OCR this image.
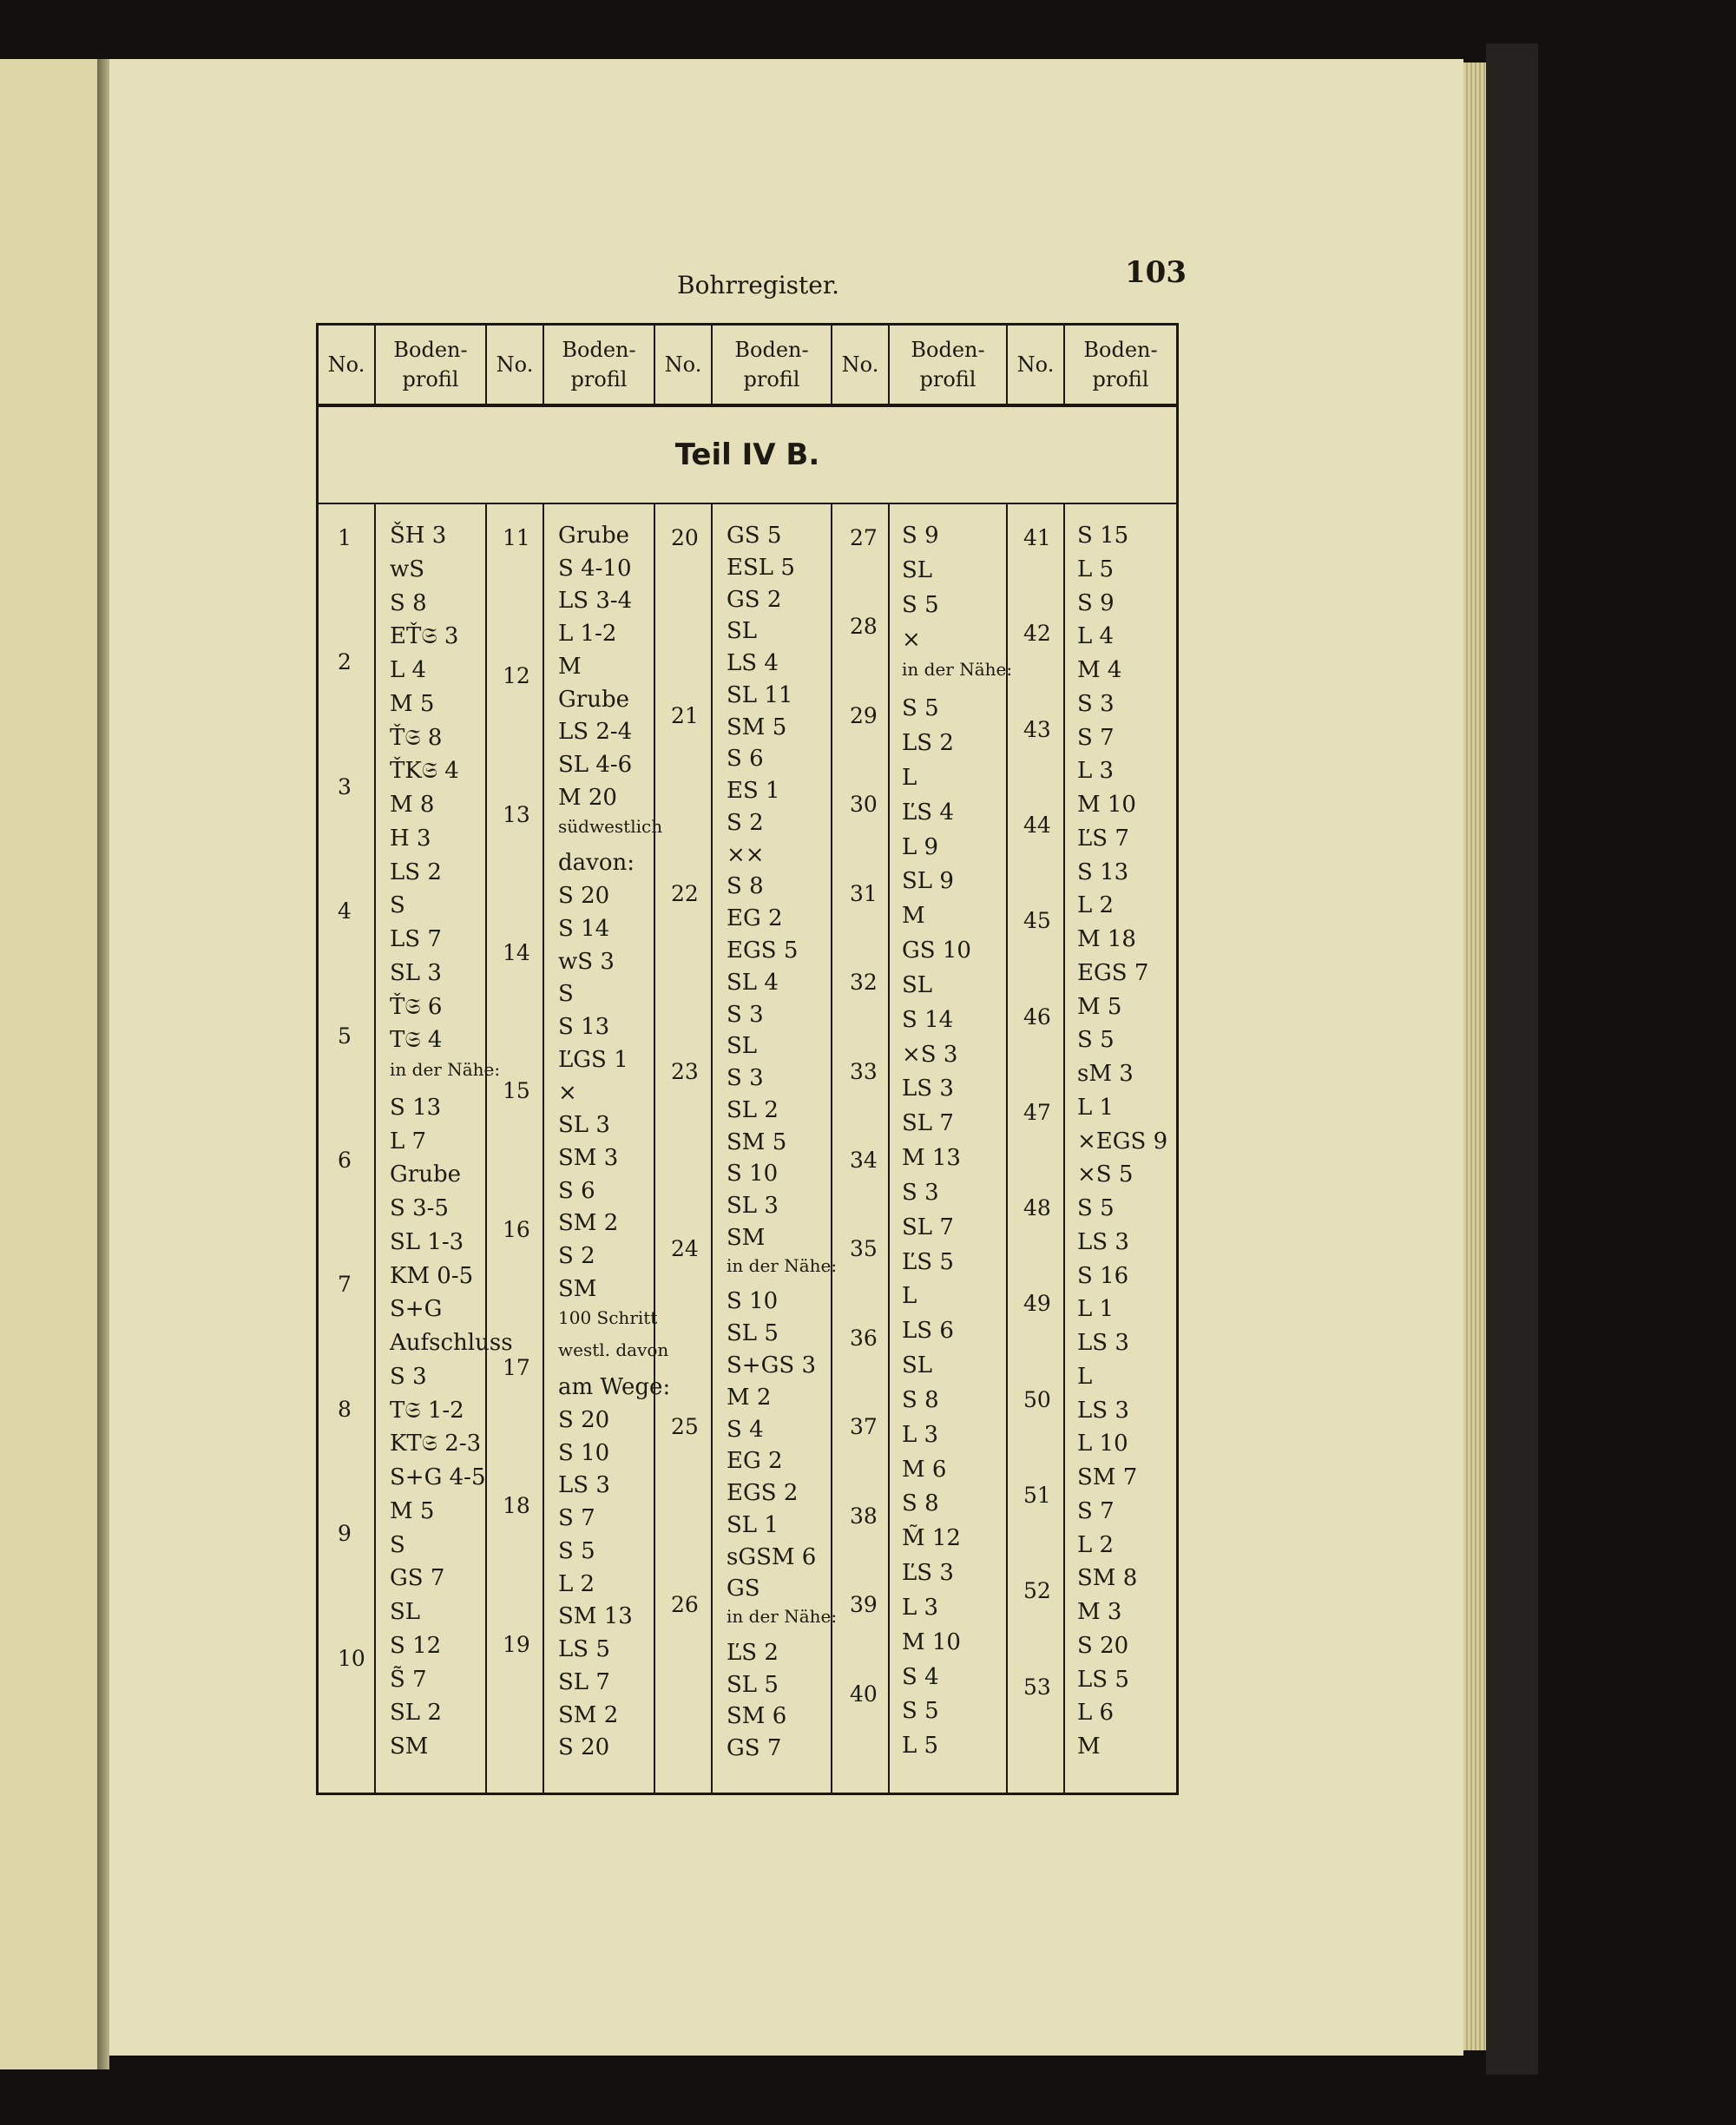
Bohrregister.	103
No.
Boden-
profil
No.
Boden-
profil
No.
Boden-
profil
No.
Boden-
profil
No.
Boden-
profil
Teil IV B.
ŠH 3
wS
S 8
EŤ𝔖 3
L 4
M 5
Ť𝔖 8
ŤK𝔖 4
M 8
H 3
LS 2
S
LS 7
SL 3
Ť𝔖 6
T𝔖 4
in der Nähe:
S 13
L 7
Grube
S 3-5
SL 1-3
KM 0-5
S+G
Aufschluss
S 3
T𝔖 1-2
KT𝔖 2-3
S+G 4-5
M 5
S
GS 7
SL
S 12
S̃ 7
SL 2
SM
1
2
3
4
5
6
7
8
9
10
Grube
S 4-10
LS 3-4
L 1-2
M
Grube
LS 2-4
SL 4-6
M 20
südwestlich
davon:
S 20
S 14
wS 3
S
S 13
ĽGS 1
×
SL 3
SM 3
S 6
SM 2
S 2
SM
100 Schritt
westl. davon
am Wege:
S 20
S 10
LS 3
S 7
S 5
L 2
SM 13
LS 5
SL 7
SM 2
S 20
11
12
13
14
15
16
17
18
19
GS 5
ESL 5
GS 2
SL
LS 4
SL 11
SM 5
S 6
ES 1
S 2
××
S 8
EG 2
EGS 5
SL 4
S 3
SL
S 3
SL 2
SM 5
S 10
SL 3
SM
in der Nähe:
S 10
SL 5
S+GS 3
M 2
S 4
EG 2
EGS 2
SL 1
sGSM 6
GS
in der Nähe:
ĽS 2
SL 5
SM 6
GS 7
20
21
22
23
24
25
26
S 9
SL
S 5
×
in der Nähe:
S 5
LS 2
L
ĽS 4
L 9
SL 9
M
GS 10
SL
S 14
×S 3
LS 3
SL 7
M 13
S 3
SL 7
ĽS 5
L
LS 6
SL
S 8
L 3
M 6
S 8
M̃ 12
ĽS 3
L 3
M 10
S 4
S 5
L 5
27
28
29
30
31
32
33
34
35
36
37
38
39
40
S 15
L 5
S 9
L 4
M 4
S 3
S 7
L 3
M 10
ĽS 7
S 13
L 2
M 18
EGS 7
M 5
S 5
sM 3
L 1
×EGS 9
×S 5
S 5
LS 3
S 16
L 1
LS 3
L
LS 3
L 10
SM 7
S 7
L 2
SM 8
M 3
S 20
LS 5
L 6
M
41
42
43
44
45
46
47
48
49
50
51
52
53
